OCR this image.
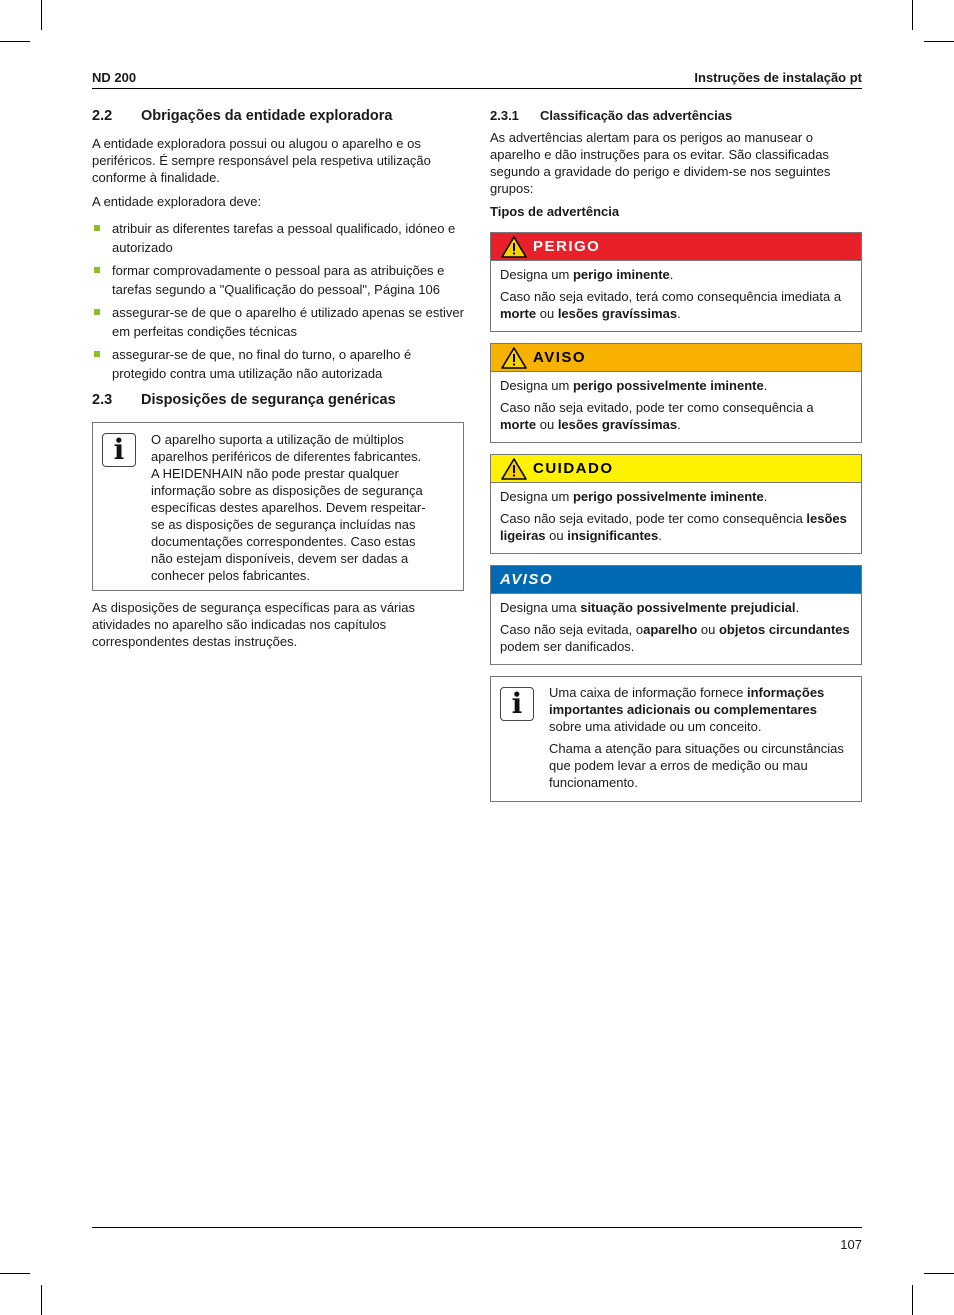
ND 200	Instruções de instalação pt
2.2	Obrigações da entidade exploradora

A entidade exploradora possui ou alugou o aparelho e os periféricos. É sempre responsável pela respetiva utilização conforme à finalidade.

A entidade exploradora deve:

atribuir as diferentes tarefas a pessoal qualificado, idóneo e autorizado
formar comprovadamente o pessoal para as atribuições e tarefas segundo a "Qualificação do pessoal", Página 106
assegurar-se de que o aparelho é utilizado apenas se estiver em perfeitas condições técnicas
assegurar-se de que, no final do turno, o aparelho é protegido contra uma utilização não autorizada
2.3	Disposições de segurança genéricas
i	O aparelho suporta a utilização de múltiplos
aparelhos periféricos de diferentes fabricantes.
A HEIDENHAIN não pode prestar qualquer
informação sobre as disposições de segurança
específicas destes aparelhos. Devem respeitar-
se as disposições de segurança incluídas nas
documentações correspondentes. Caso estas
não estejam disponíveis, devem ser dadas a
conhecer pelos fabricantes.

As disposições de segurança específicas para as várias atividades no aparelho são indicadas nos capítulos correspondentes destas instruções.

2.3.1	Classificação das advertências

As advertências alertam para os perigos ao manusear o aparelho e dão instruções para os evitar. São classificadas segundo a gravidade do perigo e dividem-se nos seguintes grupos:

Tipos de advertência

PERIGO

Designa um perigo iminente.

Caso não seja evitado, terá como consequência imediata a morte ou lesões gravíssimas.

AVISO

Designa um perigo possivelmente iminente.

Caso não seja evitado, pode ter como consequência a morte ou lesões gravíssimas.

CUIDADO

Designa um perigo possivelmente iminente.

Caso não seja evitado, pode ter como consequência lesões ligeiras ou insignificantes.

AVISO

Designa uma situação possivelmente prejudicial.

Caso não seja evitada, oaparelho ou objetos circundantes podem ser danificados.

i	Uma caixa de informação fornece informações importantes adicionais ou complementares sobre uma atividade ou um conceito.

Chama a atenção para situações ou circunstâncias que podem levar a erros de medição ou mau funcionamento.

107
